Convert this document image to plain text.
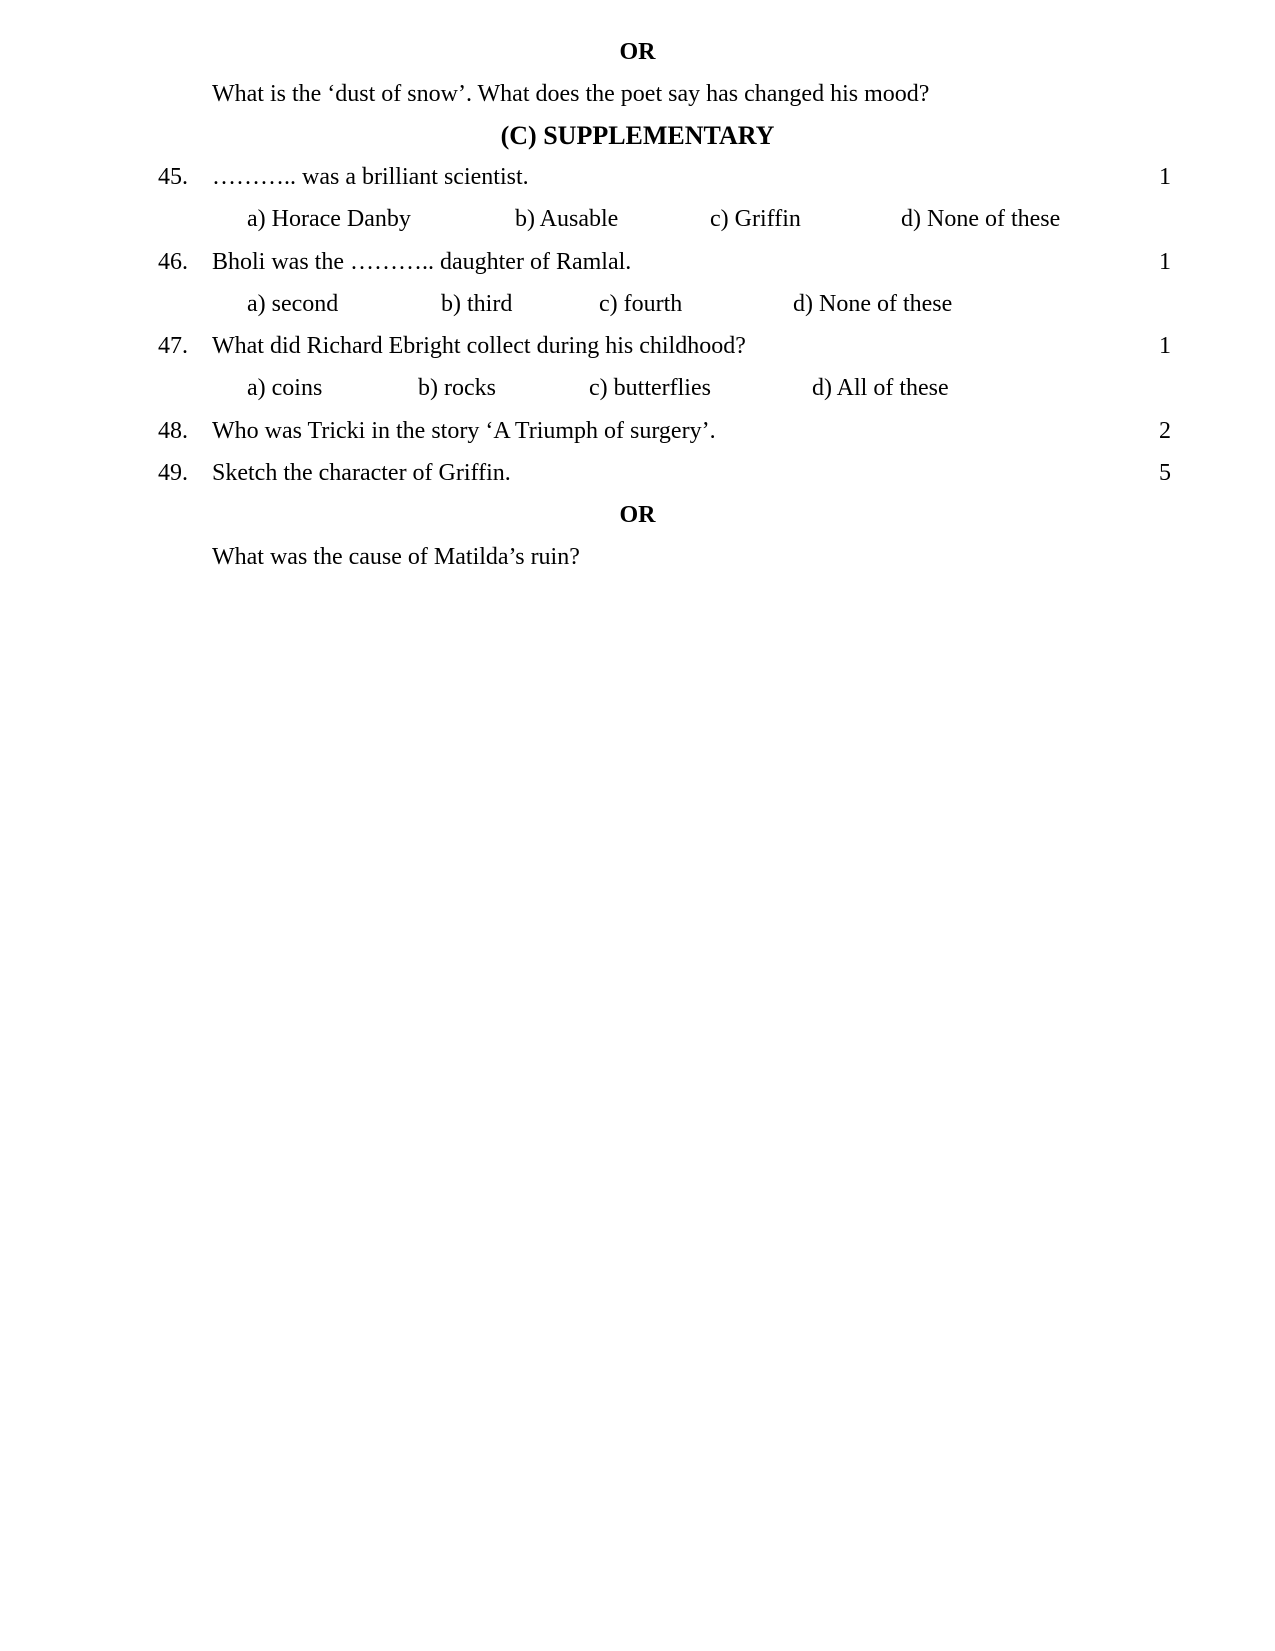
OR
What is the ‘dust of snow’. What does the poet say has changed his mood?
(C) SUPPLEMENTARY
45. ……….. was a brilliant scientist.	1
a) Horace Danby	b) Ausable	c) Griffin	d) None of these
46. Bholi was the ……….. daughter of Ramlal.	1
a) second	b) third	c) fourth	d) None of these
47. What did Richard Ebright collect during his childhood?	1
a) coins	b) rocks	c) butterflies	d) All of these
48. Who was Tricki in the story ‘A Triumph of surgery’.	2
49. Sketch the character of Griffin.	5
OR
What was the cause of Matilda’s ruin?
